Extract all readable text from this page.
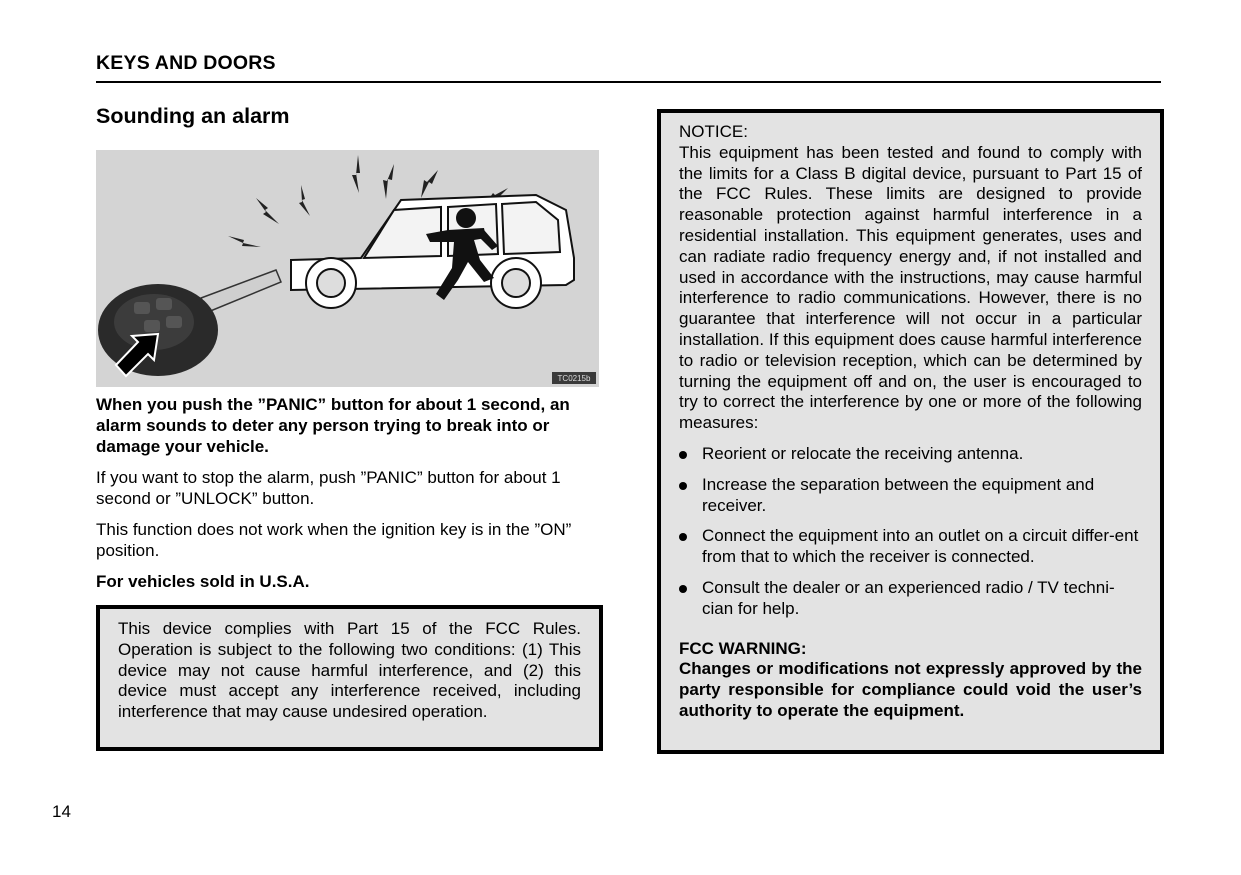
KEYS AND DOORS
Sounding an alarm
TC0215b

When you push the ”PANIC” button for about 1 second, an alarm sounds to deter any person trying to break into or damage your vehicle.

If you want to stop the alarm, push ”PANIC” button for about 1 second or ”UNLOCK” button.

This function does not work when the ignition key is in the ”ON” position.

For vehicles sold in U.S.A.

This device complies with Part 15 of the FCC Rules. Operation is subject to the following two conditions: (1) This device may not cause harmful interference, and (2) this device must accept any interference received, including interference that may cause undesired operation.
NOTICE:
This equipment has been tested and found to comply with the limits for a Class B digital device, pursuant to Part 15 of the FCC Rules. These limits are designed to provide reasonable protection against harmful interference in a residential installation. This equipment generates, uses and can radiate radio frequency energy and, if not installed and used in accordance with the instructions, may cause harmful interference to radio communications. However, there is no guarantee that interference will not occur in a particular installation. If this equipment does cause harmful interference to radio or television reception, which can be determined by turning the equipment off and on, the user is encouraged to try to correct the interference by one or more of the following measures:
Reorient or relocate the receiving antenna.
Increase the separation between the equipment and receiver.
Connect the equipment into an outlet on a circuit differ-ent from that to which the receiver is connected.
Consult the dealer or an experienced radio / TV techni-cian for help.
FCC WARNING:
Changes or modifications not expressly approved by the party responsible for compliance could void the user’s authority to operate the equipment.
14
